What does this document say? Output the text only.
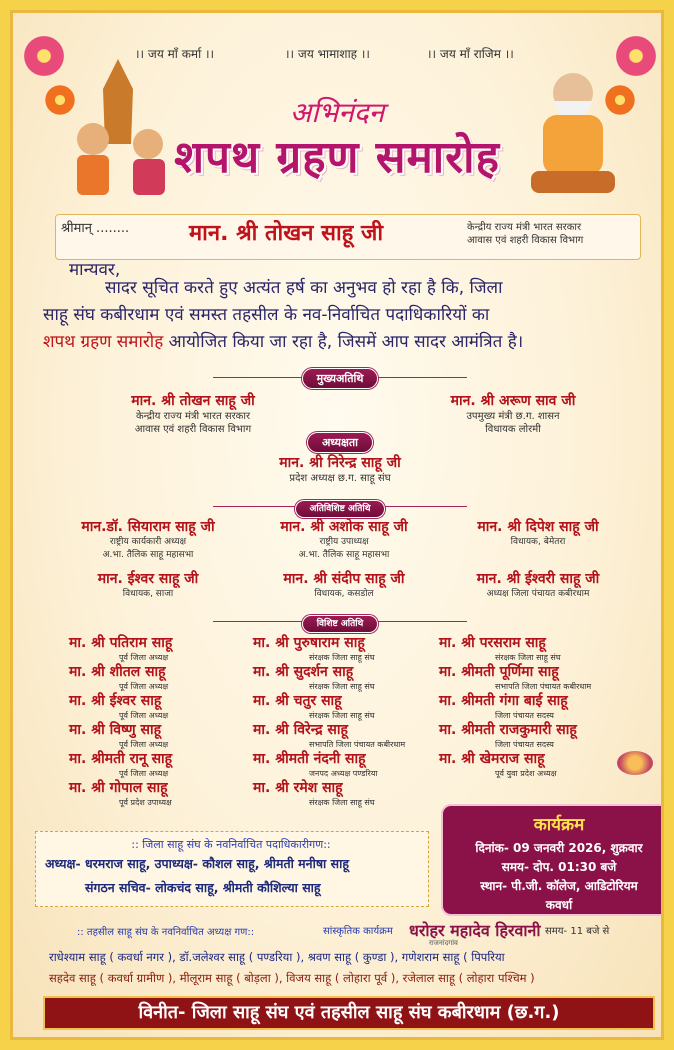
।। जय माँ कर्मा ।।	।। जय भामाशाह ।।	।। जय माँ राजिम ।।
अभिनंदन
शपथ ग्रहण समारोह
श्रीमान् ........	मान. श्री तोखन साहू जी	केन्द्रीय राज्य मंत्री भारत सरकार
आवास एवं शहरी विकास विभाग
मान्यवर,
सादर सूचित करते हुए अत्यंत हर्ष का अनुभव हो रहा है कि, जिला
साहू संघ कबीरधाम एवं समस्त तहसील के नव-निर्वाचित पदाधिकारियों का
शपथ ग्रहण समारोह आयोजित किया जा रहा है, जिसमें आप सादर आमंत्रित है।
मुख्यअतिथि
मान. श्री तोखन साहू जी
केन्द्रीय राज्य मंत्री भारत सरकार
आवास एवं शहरी विकास विभाग
मान. श्री अरूण साव जी
उपमुख्य मंत्री छ.ग. शासन
विधायक लोरमी
अध्यक्षता
मान. श्री निरेन्द्र साहू जी
प्रदेश अध्यक्ष छ.ग. साहू संघ
अतिविशिष्ट अतिथि
मान.डॉ. सियाराम साहू जी
राष्ट्रीय कार्यकारी अध्यक्ष
अ.भा. तैलिक साहू महासभा
मान. श्री अशोक साहू जी
राष्ट्रीय उपाध्यक्ष
अ.भा. तैलिक साहू महासभा
मान. श्री दिपेश साहू जी
विधायक, बेमेतरा
मान. ईश्वर साहू जी
विधायक, साजा
मान. श्री संदीप साहू जी
विधायक, कसडोल
मान. श्री ईश्वरी साहू जी
अध्यक्ष जिला पंचायत कबीरधाम
विशिष्ट अतिथि
मा. श्री पतिराम साहू
पूर्व जिला अध्यक्ष
मा. श्री शीतल साहू
पूर्व जिला अध्यक्ष
मा. श्री ईश्वर साहू
पूर्व जिला अध्यक्ष
मा. श्री विष्णु साहू
पूर्व जिला अध्यक्ष
मा. श्रीमती रानू साहू
पूर्व जिला अध्यक्ष
मा. श्री गोपाल साहू
पूर्व प्रदेश उपाध्यक्ष
मा. श्री पुरुषाराम साहू
संरक्षक जिला साहू संघ
मा. श्री सुदर्शन साहू
संरक्षक जिला साहू संघ
मा. श्री चतुर साहू
संरक्षक जिला साहू संघ
मा. श्री विरेन्द्र साहू
सभापति जिला पंचायत कबीरधाम
मा. श्रीमती नंदनी साहू
जनपद अध्यक्ष पण्डरिया
मा. श्री रमेश साहू
संरक्षक जिला साहू संघ
मा. श्री परसराम साहू
संरक्षक जिला साहू संघ
मा. श्रीमती पूर्णिमा साहू
सभापति जिला पंचायत कबीरधाम
मा. श्रीमती गंगा बाई साहू
जिला पंचायत सदस्य
मा. श्रीमती राजकुमारी साहू
जिला पंचायत सदस्य
मा. श्री खेमराज साहू
पूर्व युवा प्रदेश अध्यक्ष
:: जिला साहू संघ के नवनिर्वाचित पदाधिकारीगण::
अध्यक्ष- धरमराज साहू, उपाध्यक्ष- कौशल साहू, श्रीमती मनीषा साहू
संगठन सचिव- लोकचंद साहू, श्रीमती कौशिल्या साहू
कार्यक्रम
दिनांक- 09 जनवरी 2026, शुक्रवार
समय- दोप. 01:30 बजे
स्थान- पी.जी. कॉलेज, आडिटोरियम
कवर्धा
:: तहसील साहू संघ के नवनिर्वाचित अध्यक्ष गण::	सांस्कृतिक कार्यक्रम धरोहर महादेव हिरवानी
राजनांदगांव
समय- 11 बजे से
राधेश्याम साहू ( कवर्धा नगर ), डॉ.जलेश्वर साहू ( पण्डरिया ), श्रवण साहू ( कुण्डा ), गणेशराम साहू ( पिपरिया
सहदेव साहू ( कवर्धा ग्रामीण ), मीलूराम साहू ( बोड़ला ), विजय साहू ( लोहारा पूर्व ), रजेलाल साहू ( लोहारा पश्चिम )
विनीत- जिला साहू संघ एवं तहसील साहू संघ कबीरधाम (छ.ग.)
